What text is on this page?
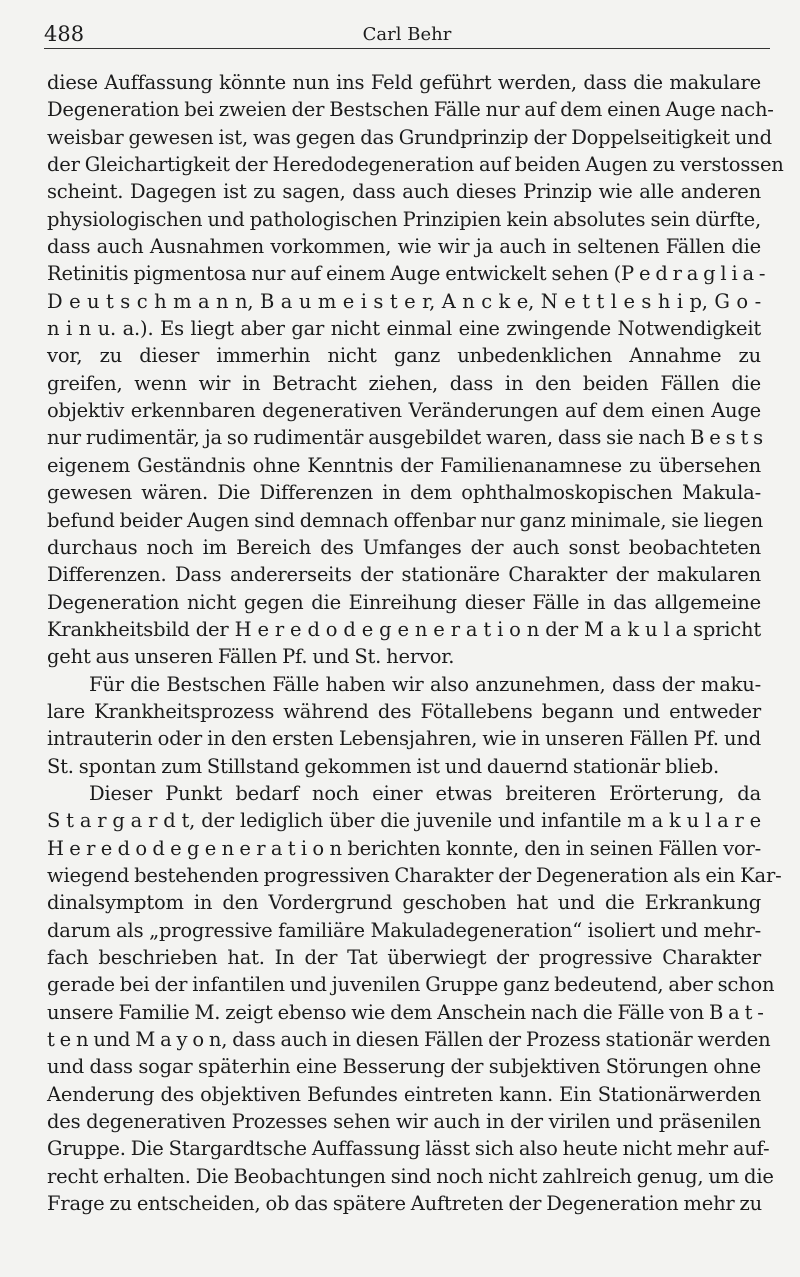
488	Carl Behr
diese Auffassung könnte nun ins Feld geführt werden, dass die makulare
Degeneration bei zweien der Bestschen Fälle nur auf dem einen Auge nach-
weisbar gewesen ist, was gegen das Grundprinzip der Doppelseitigkeit und
der Gleichartigkeit der Heredodegeneration auf beiden Augen zu verstossen
scheint. Dagegen ist zu sagen, dass auch dieses Prinzip wie alle anderen
physiologischen und pathologischen Prinzipien kein absolutes sein dürfte,
dass auch Ausnahmen vorkommen, wie wir ja auch in seltenen Fällen die
Retinitis pigmentosa nur auf einem Auge entwickelt sehen (P e d r a g l i a -
D e u t s c h m a n n, B a u m e i s t e r, A n c k e, N e t t l e s h i p, G o -
n i n u. a.). Es liegt aber gar nicht einmal eine zwingende Notwendigkeit
vor, zu dieser immerhin nicht ganz unbedenklichen Annahme zu
greifen, wenn wir in Betracht ziehen, dass in den beiden Fällen die
objektiv erkennbaren degenerativen Veränderungen auf dem einen Auge
nur rudimentär, ja so rudimentär ausgebildet waren, dass sie nach B e s t s
eigenem Geständnis ohne Kenntnis der Familienanamnese zu übersehen
gewesen wären. Die Differenzen in dem ophthalmoskopischen Makula-
befund beider Augen sind demnach offenbar nur ganz minimale, sie liegen
durchaus noch im Bereich des Umfanges der auch sonst beobachteten
Differenzen. Dass andererseits der stationäre Charakter der makularen
Degeneration nicht gegen die Einreihung dieser Fälle in das allgemeine
Krankheitsbild der H e r e d o d e g e n e r a t i o n der M a k u l a spricht
geht aus unseren Fällen Pf. und St. hervor.
Für die Bestschen Fälle haben wir also anzunehmen, dass der maku-
lare Krankheitsprozess während des Fötallebens begann und entweder
intrauterin oder in den ersten Lebensjahren, wie in unseren Fällen Pf. und
St. spontan zum Stillstand gekommen ist und dauernd stationär blieb.
Dieser Punkt bedarf noch einer etwas breiteren Erörterung, da
S t a r g a r d t, der lediglich über die juvenile und infantile m a k u l a r e
H e r e d o d e g e n e r a t i o n berichten konnte, den in seinen Fällen vor-
wiegend bestehenden progressiven Charakter der Degeneration als ein Kar-
dinalsymptom in den Vordergrund geschoben hat und die Erkrankung
darum als „progressive familiäre Makuladegeneration“ isoliert und mehr-
fach beschrieben hat. In der Tat überwiegt der progressive Charakter
gerade bei der infantilen und juvenilen Gruppe ganz bedeutend, aber schon
unsere Familie M. zeigt ebenso wie dem Anschein nach die Fälle von B a t -
t e n und M a y o n, dass auch in diesen Fällen der Prozess stationär werden
und dass sogar späterhin eine Besserung der subjektiven Störungen ohne
Aenderung des objektiven Befundes eintreten kann. Ein Stationärwerden
des degenerativen Prozesses sehen wir auch in der virilen und präsenilen
Gruppe. Die Stargardtsche Auffassung lässt sich also heute nicht mehr auf-
recht erhalten. Die Beobachtungen sind noch nicht zahlreich genug, um die
Frage zu entscheiden, ob das spätere Auftreten der Degeneration mehr zu
